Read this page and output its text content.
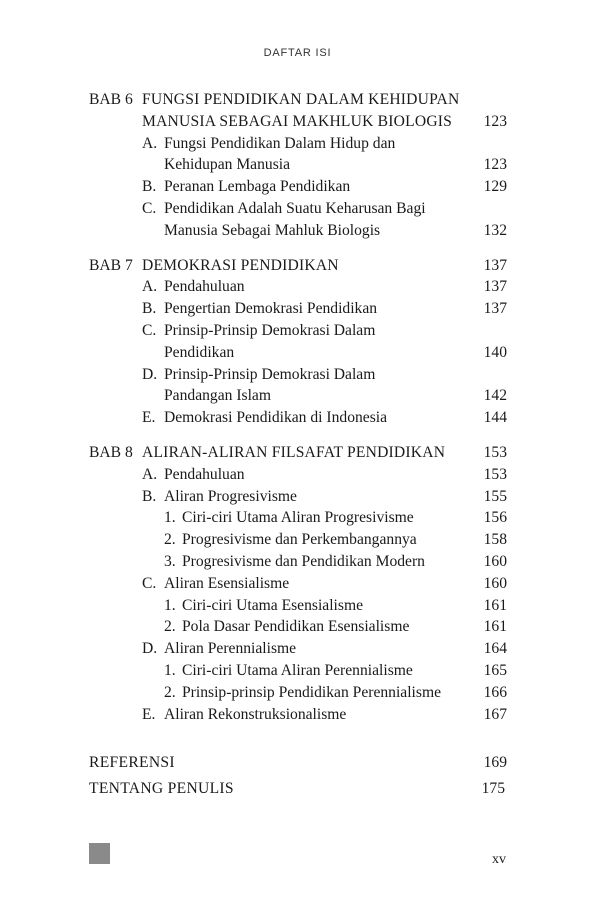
DAFTAR ISI
BAB 6 FUNGSI PENDIDIKAN DALAM KEHIDUPAN
MANUSIA SEBAGAI MAKHLUK BIOLOGIS 123
A. Fungsi Pendidikan Dalam Hidup dan
Kehidupan Manusia	123
B. Peranan Lembaga Pendidikan	129
C. Pendidikan Adalah Suatu Keharusan Bagi
Manusia Sebagai Mahluk Biologis	132
BAB 7 DEMOKRASI PENDIDIKAN	137
A. Pendahuluan	137
B. Pengertian Demokrasi Pendidikan	137
C. Prinsip-Prinsip Demokrasi Dalam
Pendidikan	140
D. Prinsip-Prinsip Demokrasi Dalam
Pandangan Islam	142
E. Demokrasi Pendidikan di Indonesia	144
BAB 8 ALIRAN-ALIRAN FILSAFAT PENDIDIKAN 153
A. Pendahuluan	153
B. Aliran Progresivisme	155
1. Ciri-ciri Utama Aliran Progresivisme	156
2. Progresivisme dan Perkembangannya	158
3. Progresivisme dan Pendidikan Modern	160
C. Aliran Esensialisme	160
1. Ciri-ciri Utama Esensialisme	161
2. Pola Dasar Pendidikan Esensialisme	161
D. Aliran Perennialisme	164
1. Ciri-ciri Utama Aliran Perennialisme	165
2. Prinsip-prinsip Pendidikan Perennialisme	166
E. Aliran Rekonstruksionalisme	167
REFERENSI	169
TENTANG PENULIS	175
xv
